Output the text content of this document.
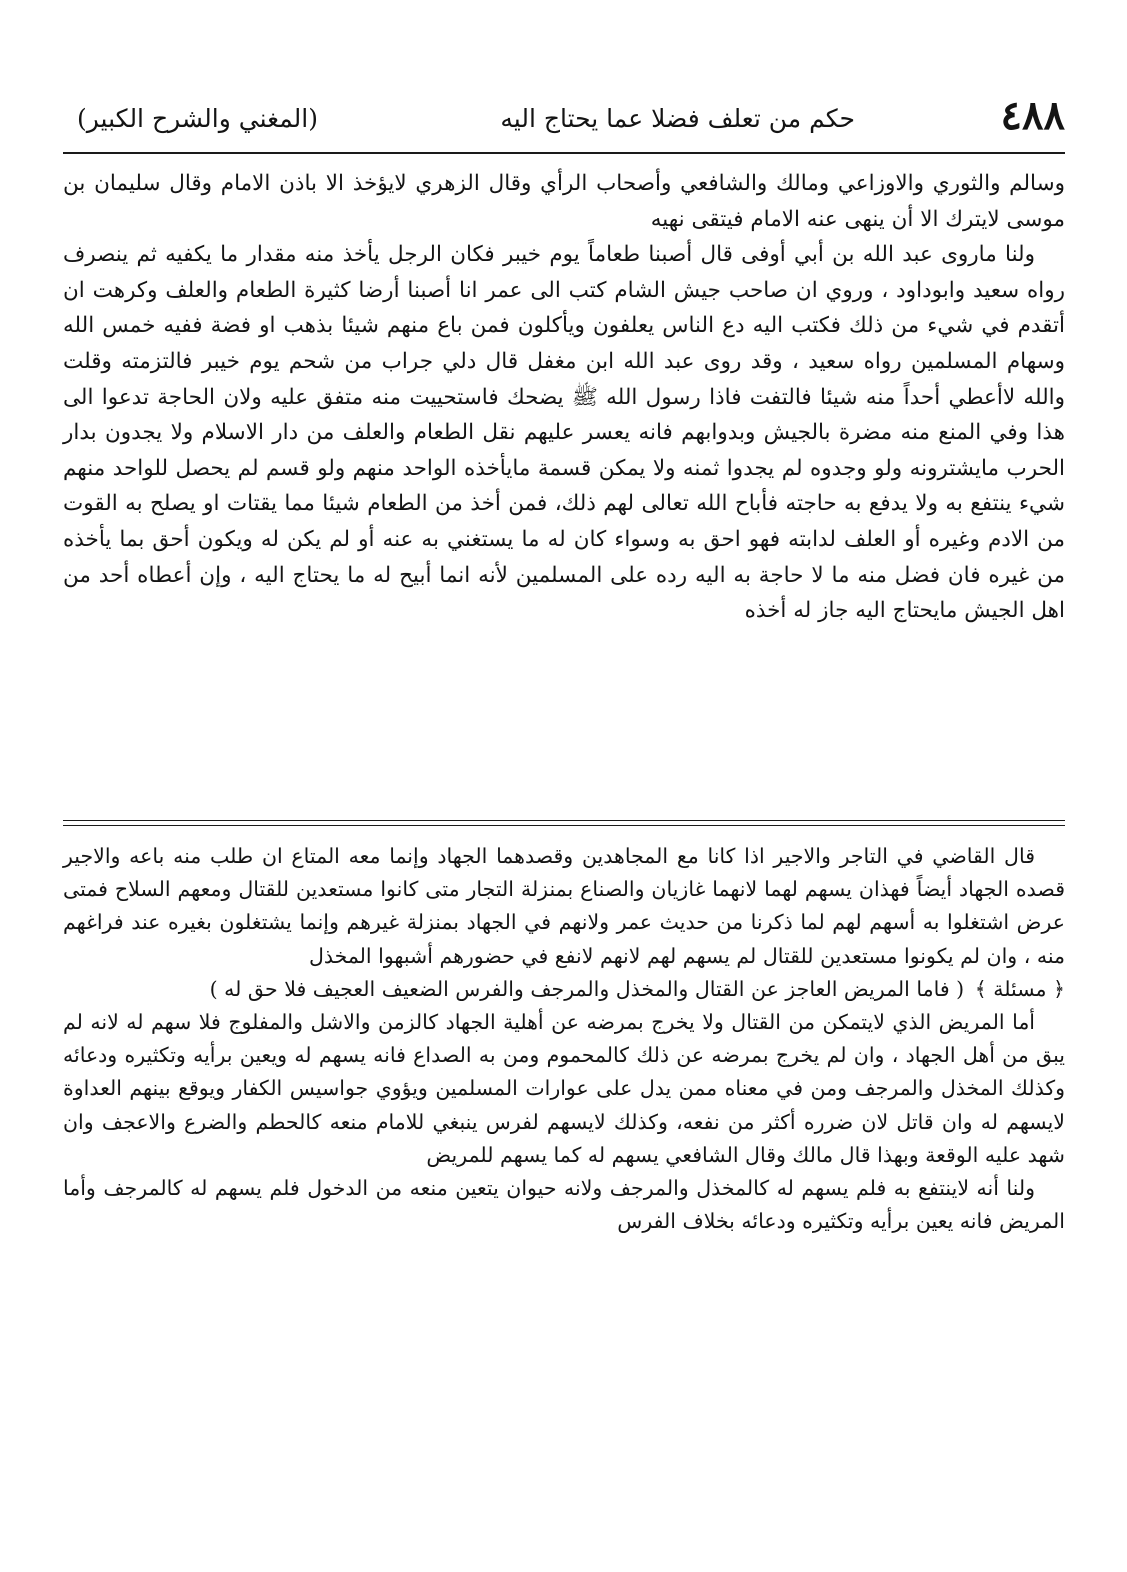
٤٨٨
حكم من تعلف فضلا عما يحتاج اليه
(المغني والشرح الكبير)

وسالم والثوري والاوزاعي ومالك والشافعي وأصحاب الرأي وقال الزهري لايؤخذ الا باذن الامام وقال سليمان بن موسى لايترك الا أن ينهى عنه الامام فيتقى نهيه

ولنا ماروى عبد الله بن أبي أوفى قال أصبنا طعاماً يوم خيبر فكان الرجل يأخذ منه مقدار ما يكفيه ثم ينصرف رواه سعيد وابوداود ، وروي ان صاحب جيش الشام كتب الى عمر انا أصبنا أرضا كثيرة الطعام والعلف وكرهت ان أتقدم في شيء من ذلك فكتب اليه دع الناس يعلفون ويأكلون فمن باع منهم شيئا بذهب او فضة ففيه خمس الله وسهام المسلمين رواه سعيد ، وقد روى عبد الله ابن مغفل قال دلي جراب من شحم يوم خيبر فالتزمته وقلت والله لاأعطي أحداً منه شيئا فالتفت فاذا رسول الله ﷺ يضحك فاستحييت منه متفق عليه ولان الحاجة تدعوا الى هذا وفي المنع منه مضرة بالجيش وبدوابهم فانه يعسر عليهم نقل الطعام والعلف من دار الاسلام ولا يجدون بدار الحرب مايشترونه ولو وجدوه لم يجدوا ثمنه ولا يمكن قسمة مايأخذه الواحد منهم ولو قسم لم يحصل للواحد منهم شيء ينتفع به ولا يدفع به حاجته فأباح الله تعالى لهم ذلك، فمن أخذ من الطعام شيئا مما يقتات او يصلح به القوت من الادم وغيره أو العلف لدابته فهو احق به وسواء كان له ما يستغني به عنه أو لم يكن له ويكون أحق بما يأخذه من غيره فان فضل منه ما لا حاجة به اليه رده على المسلمين لأنه انما أبيح له ما يحتاج اليه ، وإن أعطاه أحد من اهل الجيش مايحتاج اليه جاز له أخذه

قال القاضي في التاجر والاجير اذا كانا مع المجاهدين وقصدهما الجهاد وإنما معه المتاع ان طلب منه باعه والاجير قصده الجهاد أيضاً فهذان يسهم لهما لانهما غازيان والصناع بمنزلة التجار متى كانوا مستعدين للقتال ومعهم السلاح فمتى عرض اشتغلوا به أسهم لهم لما ذكرنا من حديث عمر ولانهم في الجهاد بمنزلة غيرهم وإنما يشتغلون بغيره عند فراغهم منه ، وان لم يكونوا مستعدين للقتال لم يسهم لهم لانهم لانفع في حضورهم أشبهوا المخذل

﴿ مسئلة ﴾ ( فاما المريض العاجز عن القتال والمخذل والمرجف والفرس الضعيف العجيف فلا حق له )

أما المريض الذي لايتمكن من القتال ولا يخرج بمرضه عن أهلية الجهاد كالزمن والاشل والمفلوج فلا سهم له لانه لم يبق من أهل الجهاد ، وان لم يخرج بمرضه عن ذلك كالمحموم ومن به الصداع فانه يسهم له ويعين برأيه وتكثيره ودعائه وكذلك المخذل والمرجف ومن في معناه ممن يدل على عوارات المسلمين ويؤوي جواسيس الكفار ويوقع بينهم العداوة لايسهم له وان قاتل لان ضرره أكثر من نفعه، وكذلك لايسهم لفرس ينبغي للامام منعه كالحطم والضرع والاعجف وان شهد عليه الوقعة وبهذا قال مالك وقال الشافعي يسهم له كما يسهم للمريض

ولنا أنه لاينتفع به فلم يسهم له كالمخذل والمرجف ولانه حيوان يتعين منعه من الدخول فلم يسهم له كالمرجف وأما المريض فانه يعين برأيه وتكثيره ودعائه بخلاف الفرس
